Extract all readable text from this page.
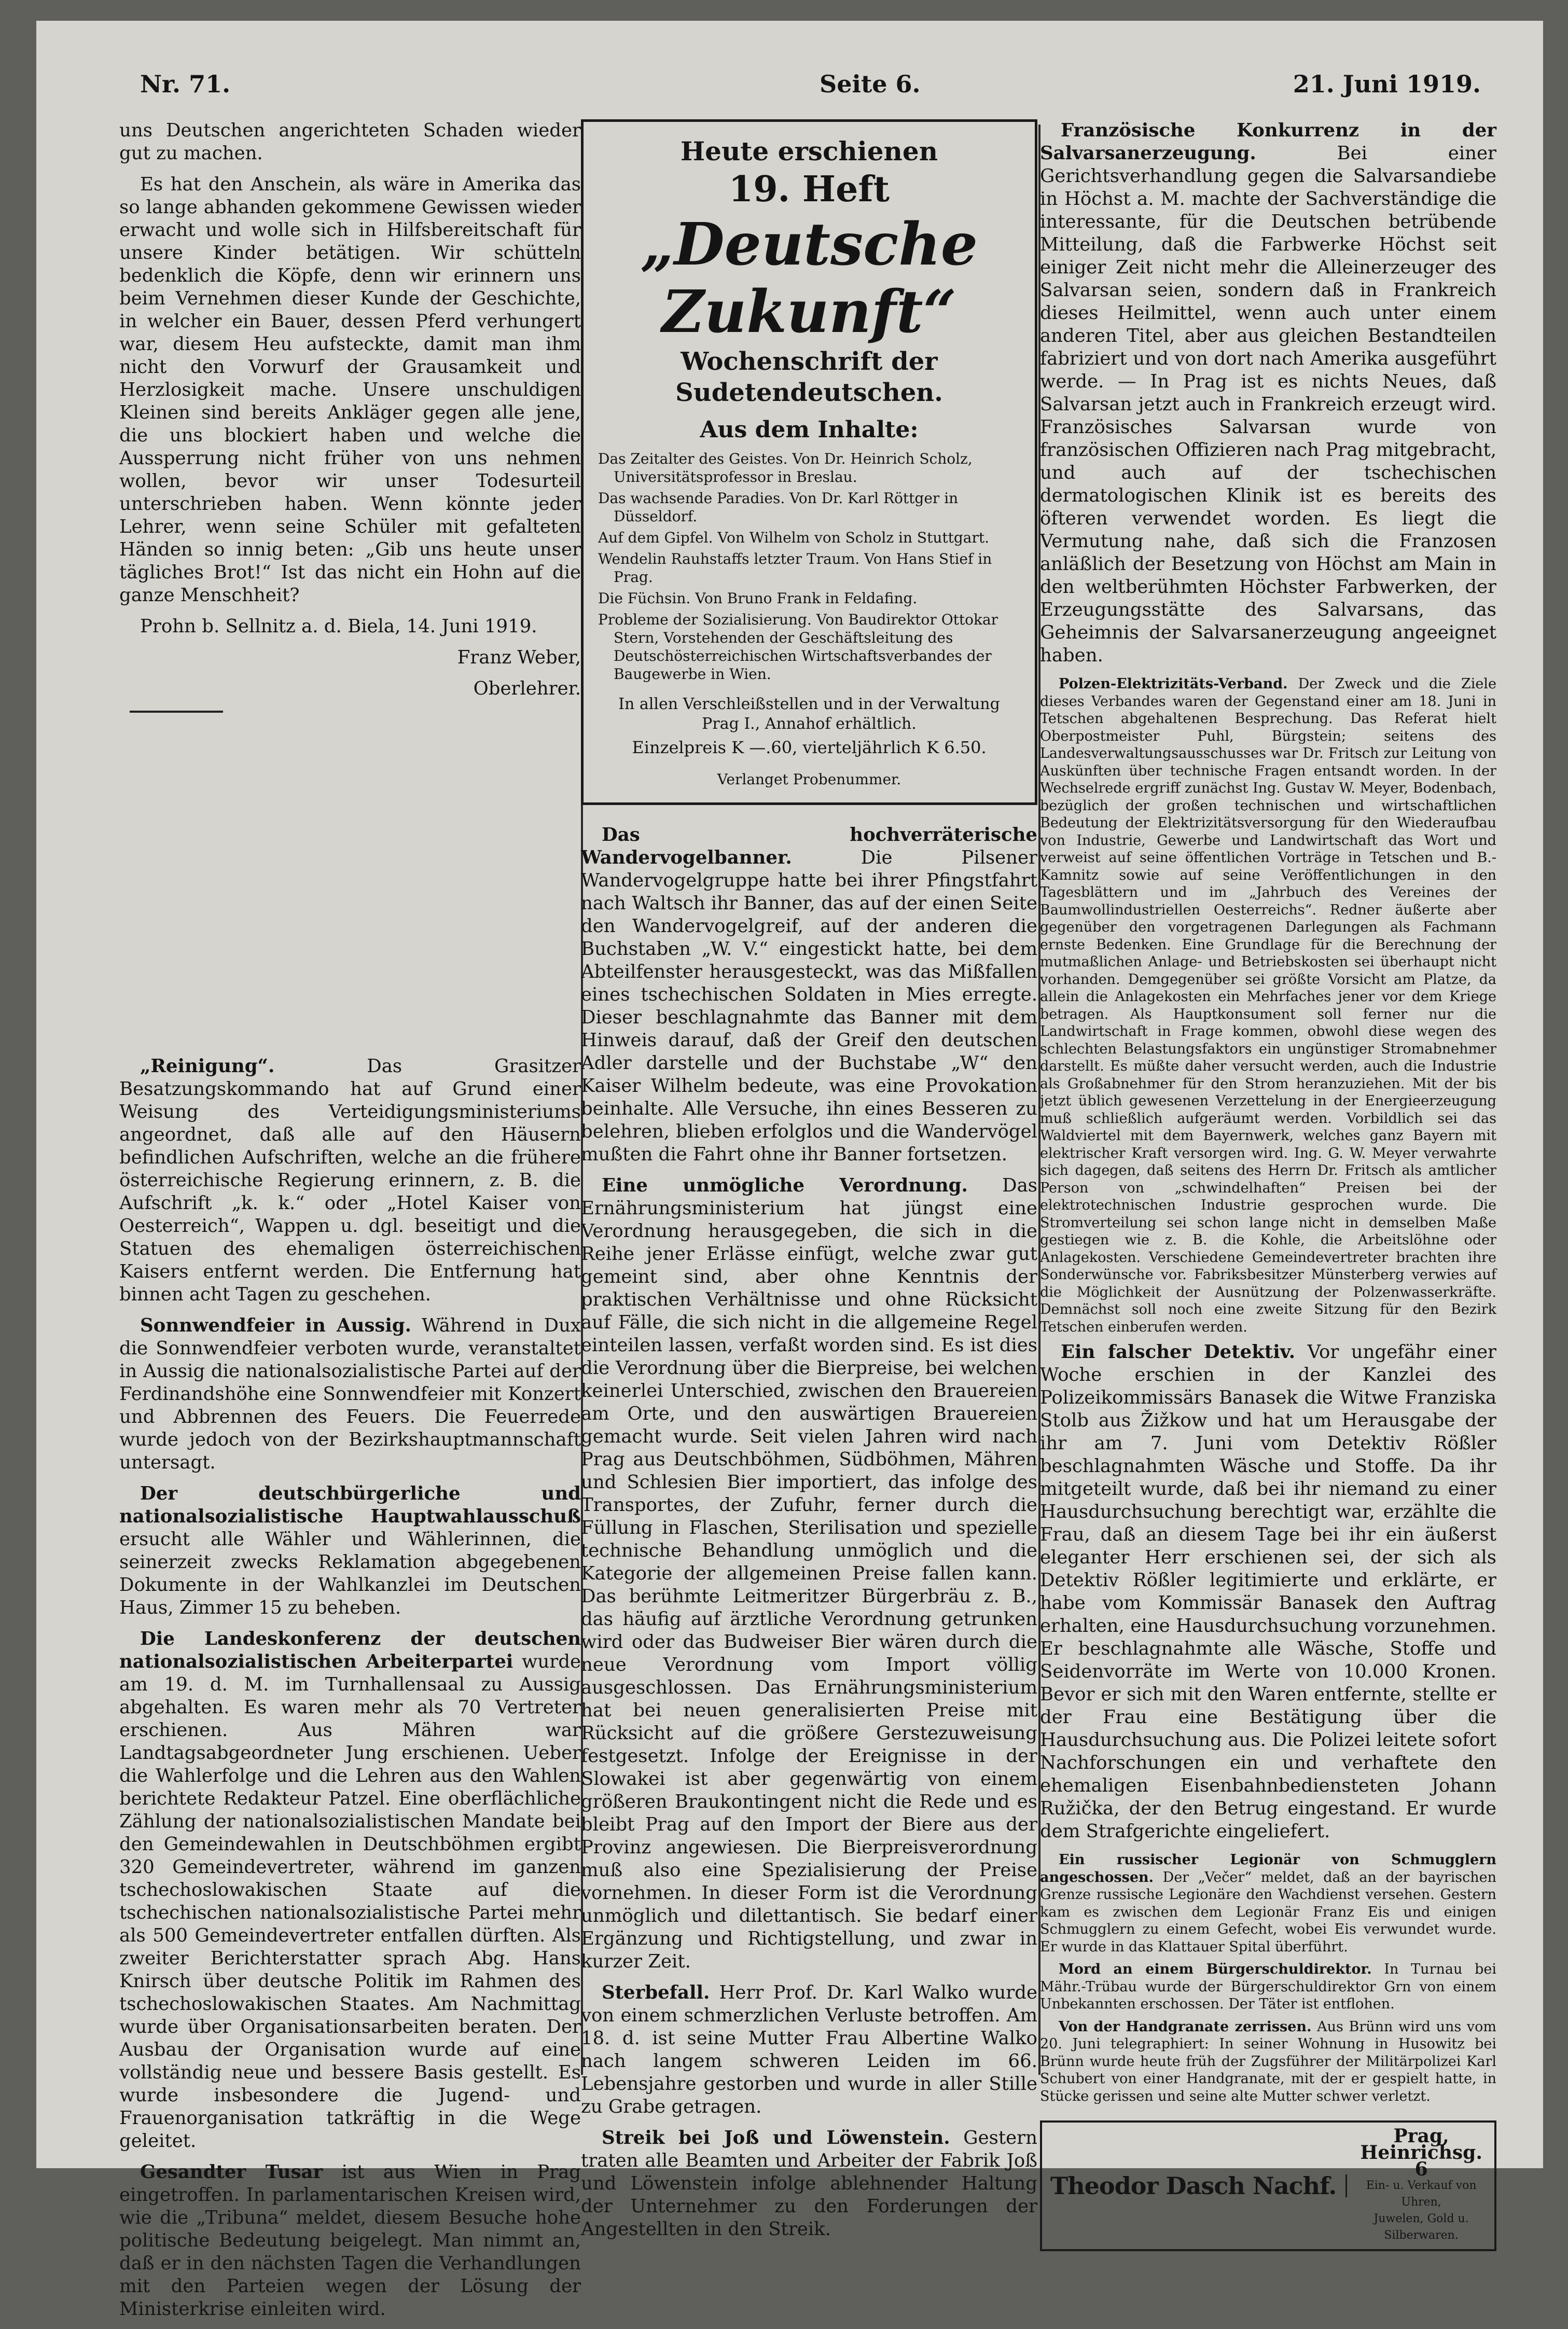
Nr. 71.	Seite 6.	21. Juni 1919.

uns Deutschen angerichteten Schaden wieder gut zu machen.

Es hat den Anschein, als wäre in Amerika das so lange abhanden gekommene Gewissen wieder erwacht und wolle sich in Hilfsbereitschaft für unsere Kinder betätigen. Wir schütteln bedenklich die Köpfe, denn wir erinnern uns beim Vernehmen dieser Kunde der Geschichte, in welcher ein Bauer, dessen Pferd verhungert war, diesem Heu aufsteckte, damit man ihm nicht den Vorwurf der Grausamkeit und Herzlosigkeit mache. Unsere unschuldigen Kleinen sind bereits Ankläger gegen alle jene, die uns blockiert haben und welche die Aussperrung nicht früher von uns nehmen wollen, bevor wir unser Todesurteil unterschrieben haben. Wenn könnte jeder Lehrer, wenn seine Schüler mit gefalteten Händen so innig beten: „Gib uns heute unser tägliches Brot!“ Ist das nicht ein Hohn auf die ganze Menschheit?

Prohn b. Sellnitz a. d. Biela, 14. Juni 1919.

Franz Weber,

Oberlehrer.

„Reinigung“. Das Grasitzer Besatzungskommando hat auf Grund einer Weisung des Verteidigungsministeriums angeordnet, daß alle auf den Häusern befindlichen Aufschriften, welche an die frühere österreichische Regierung erinnern, z. B. die Aufschrift „k. k.“ oder „Hotel Kaiser von Oesterreich“, Wappen u. dgl. beseitigt und die Statuen des ehemaligen österreichischen Kaisers entfernt werden. Die Entfernung hat binnen acht Tagen zu geschehen.

Sonnwendfeier in Aussig. Während in Dux die Sonnwendfeier verboten wurde, veranstaltet in Aussig die nationalsozialistische Partei auf der Ferdinandshöhe eine Sonnwendfeier mit Konzert und Abbrennen des Feuers. Die Feuerrede wurde jedoch von der Bezirkshauptmannschaft untersagt.

Der deutschbürgerliche und nationalsozialistische Hauptwahlausschuß ersucht alle Wähler und Wählerinnen, die seinerzeit zwecks Reklamation abgegebenen Dokumente in der Wahlkanzlei im Deutschen Haus, Zimmer 15 zu beheben.

Die Landeskonferenz der deutschen nationalsozialistischen Arbeiterpartei wurde am 19. d. M. im Turnhallensaal zu Aussig abgehalten. Es waren mehr als 70 Vertreter erschienen. Aus Mähren war Landtagsabgeordneter Jung erschienen. Ueber die Wahlerfolge und die Lehren aus den Wahlen berichtete Redakteur Patzel. Eine oberflächliche Zählung der nationalsozialistischen Mandate bei den Gemeindewahlen in Deutschböhmen ergibt 320 Gemeindevertreter, während im ganzen tschechoslowakischen Staate auf die tschechischen nationalsozialistische Partei mehr als 500 Gemeindevertreter entfallen dürften. Als zweiter Berichterstatter sprach Abg. Hans Knirsch über deutsche Politik im Rahmen des tschechoslowakischen Staates. Am Nachmittag wurde über Organisationsarbeiten beraten. Der Ausbau der Organisation wurde auf eine vollständig neue und bessere Basis gestellt. Es wurde insbesondere die Jugend- und Frauenorganisation tatkräftig in die Wege geleitet.

Gesandter Tusar ist aus Wien in Prag eingetroffen. In parlamentarischen Kreisen wird, wie die „Tribuna“ meldet, diesem Besuche hohe politische Bedeutung beigelegt. Man nimmt an, daß er in den nächsten Tagen die Verhandlungen mit den Parteien wegen der Lösung der Ministerkrise einleiten wird.

Heute erschienen
19. Heft
„Deutsche Zukunft“
Wochenschrift der Sudetendeutschen.
Aus dem Inhalte:

Das Zeitalter des Geistes. Von Dr. Heinrich Scholz, Universitätsprofessor in Breslau.

Das wachsende Paradies. Von Dr. Karl Röttger in Düsseldorf.

Auf dem Gipfel. Von Wilhelm von Scholz in Stuttgart.

Wendelin Rauhstaffs letzter Traum. Von Hans Stief in Prag.

Die Füchsin. Von Bruno Frank in Feldafing.

Probleme der Sozialisierung. Von Baudirektor Ottokar Stern, Vorstehenden der Geschäftsleitung des Deutschösterreichischen Wirtschaftsverbandes der Baugewerbe in Wien.

In allen Verschleißstellen und in der Verwaltung Prag I., Annahof erhältlich.
Einzelpreis K —.60, vierteljährlich K 6.50.
Verlanget Probenummer.

Das hochverräterische Wandervogelbanner. Die Pilsener Wandervogelgruppe hatte bei ihrer Pfingstfahrt nach Waltsch ihr Banner, das auf der einen Seite den Wandervogelgreif, auf der anderen die Buchstaben „W. V.“ eingestickt hatte, bei dem Abteilfenster herausgesteckt, was das Mißfallen eines tschechischen Soldaten in Mies erregte. Dieser beschlagnahmte das Banner mit dem Hinweis darauf, daß der Greif den deutschen Adler darstelle und der Buchstabe „W“ den Kaiser Wilhelm bedeute, was eine Provokation beinhalte. Alle Versuche, ihn eines Besseren zu belehren, blieben erfolglos und die Wandervögel mußten die Fahrt ohne ihr Banner fortsetzen.

Eine unmögliche Verordnung. Das Ernährungsministerium hat jüngst eine Verordnung herausgegeben, die sich in die Reihe jener Erlässe einfügt, welche zwar gut gemeint sind, aber ohne Kenntnis der praktischen Verhältnisse und ohne Rücksicht auf Fälle, die sich nicht in die allgemeine Regel einteilen lassen, verfaßt worden sind. Es ist dies die Verordnung über die Bierpreise, bei welchen keinerlei Unterschied, zwischen den Brauereien am Orte, und den auswärtigen Brauereien gemacht wurde. Seit vielen Jahren wird nach Prag aus Deutschböhmen, Südböhmen, Mähren und Schlesien Bier importiert, das infolge des Transportes, der Zufuhr, ferner durch die Füllung in Flaschen, Sterilisation und spezielle technische Behandlung unmöglich und die Kategorie der allgemeinen Preise fallen kann. Das berühmte Leitmeritzer Bürgerbräu z. B., das häufig auf ärztliche Verordnung getrunken wird oder das Budweiser Bier wären durch die neue Verordnung vom Import völlig ausgeschlossen. Das Ernährungsministerium hat bei neuen generalisierten Preise mit Rücksicht auf die größere Gerstezuweisung festgesetzt. Infolge der Ereignisse in der Slowakei ist aber gegenwärtig von einem größeren Braukontingent nicht die Rede und es bleibt Prag auf den Import der Biere aus der Provinz angewiesen. Die Bierpreisverordnung muß also eine Spezialisierung der Preise vornehmen. In dieser Form ist die Verordnung unmöglich und dilettantisch. Sie bedarf einer Ergänzung und Richtigstellung, und zwar in kurzer Zeit.

Sterbefall. Herr Prof. Dr. Karl Walko wurde von einem schmerzlichen Verluste betroffen. Am 18. d. ist seine Mutter Frau Albertine Walko nach langem schweren Leiden im 66. Lebensjahre gestorben und wurde in aller Stille zu Grabe getragen.

Streik bei Joß und Löwenstein. Gestern traten alle Beamten und Arbeiter der Fabrik Joß und Löwenstein infolge ablehnender Haltung der Unternehmer zu den Forderungen der Angestellten in den Streik.

Französische Konkurrenz in der Salvarsanerzeugung. Bei einer Gerichtsverhandlung gegen die Salvarsandiebe in Höchst a. M. machte der Sachverständige die interessante, für die Deutschen betrübende Mitteilung, daß die Farbwerke Höchst seit einiger Zeit nicht mehr die Alleinerzeuger des Salvarsan seien, sondern daß in Frankreich dieses Heilmittel, wenn auch unter einem anderen Titel, aber aus gleichen Bestandteilen fabriziert und von dort nach Amerika ausgeführt werde. — In Prag ist es nichts Neues, daß Salvarsan jetzt auch in Frankreich erzeugt wird. Französisches Salvarsan wurde von französischen Offizieren nach Prag mitgebracht, und auch auf der tschechischen dermatologischen Klinik ist es bereits des öfteren verwendet worden. Es liegt die Vermutung nahe, daß sich die Franzosen anläßlich der Besetzung von Höchst am Main in den weltberühmten Höchster Farbwerken, der Erzeugungsstätte des Salvarsans, das Geheimnis der Salvarsanerzeugung angeeignet haben.

Polzen-Elektrizitäts-Verband. Der Zweck und die Ziele dieses Verbandes waren der Gegenstand einer am 18. Juni in Tetschen abgehaltenen Besprechung. Das Referat hielt Oberpostmeister Puhl, Bürgstein; seitens des Landesverwaltungsausschusses war Dr. Fritsch zur Leitung von Auskünften über technische Fragen entsandt worden. In der Wechselrede ergriff zunächst Ing. Gustav W. Meyer, Bodenbach, bezüglich der großen technischen und wirtschaftlichen Bedeutung der Elektrizitätsversorgung für den Wiederaufbau von Industrie, Gewerbe und Landwirtschaft das Wort und verweist auf seine öffentlichen Vorträge in Tetschen und B.-Kamnitz sowie auf seine Veröffentlichungen in den Tagesblättern und im „Jahrbuch des Vereines der Baumwollindustriellen Oesterreichs“. Redner äußerte aber gegenüber den vorgetragenen Darlegungen als Fachmann ernste Bedenken. Eine Grundlage für die Berechnung der mutmaßlichen Anlage- und Betriebskosten sei überhaupt nicht vorhanden. Demgegenüber sei größte Vorsicht am Platze, da allein die Anlagekosten ein Mehrfaches jener vor dem Kriege betragen. Als Hauptkonsument soll ferner nur die Landwirtschaft in Frage kommen, obwohl diese wegen des schlechten Belastungsfaktors ein ungünstiger Stromabnehmer darstellt. Es müßte daher versucht werden, auch die Industrie als Großabnehmer für den Strom heranzuziehen. Mit der bis jetzt üblich gewesenen Verzettelung in der Energieerzeugung muß schließlich aufgeräumt werden. Vorbildlich sei das Waldviertel mit dem Bayernwerk, welches ganz Bayern mit elektrischer Kraft versorgen wird. Ing. G. W. Meyer verwahrte sich dagegen, daß seitens des Herrn Dr. Fritsch als amtlicher Person von „schwindelhaften“ Preisen bei der elektrotechnischen Industrie gesprochen wurde. Die Stromverteilung sei schon lange nicht in demselben Maße gestiegen wie z. B. die Kohle, die Arbeitslöhne oder Anlagekosten. Verschiedene Gemeindevertreter brachten ihre Sonderwünsche vor. Fabriksbesitzer Münsterberg verwies auf die Möglichkeit der Ausnützung der Polzenwasserkräfte. Demnächst soll noch eine zweite Sitzung für den Bezirk Tetschen einberufen werden.

Ein falscher Detektiv. Vor ungefähr einer Woche erschien in der Kanzlei des Polizeikommissärs Banasek die Witwe Franziska Stolb aus Žižkow und hat um Herausgabe der ihr am 7. Juni vom Detektiv Rößler beschlagnahmten Wäsche und Stoffe. Da ihr mitgeteilt wurde, daß bei ihr niemand zu einer Hausdurchsuchung berechtigt war, erzählte die Frau, daß an diesem Tage bei ihr ein äußerst eleganter Herr erschienen sei, der sich als Detektiv Rößler legitimierte und erklärte, er habe vom Kommissär Banasek den Auftrag erhalten, eine Hausdurchsuchung vorzunehmen. Er beschlagnahmte alle Wäsche, Stoffe und Seidenvorräte im Werte von 10.000 Kronen. Bevor er sich mit den Waren entfernte, stellte er der Frau eine Bestätigung über die Hausdurchsuchung aus. Die Polizei leitete sofort Nachforschungen ein und verhaftete den ehemaligen Eisenbahnbediensteten Johann Ružička, der den Betrug eingestand. Er wurde dem Strafgerichte eingeliefert.

Ein russischer Legionär von Schmugglern angeschossen. Der „Večer“ meldet, daß an der bayrischen Grenze russische Legionäre den Wachdienst versehen. Gestern kam es zwischen dem Legionär Franz Eis und einigen Schmugglern zu einem Gefecht, wobei Eis verwundet wurde. Er wurde in das Klattauer Spital überführt.

Mord an einem Bürgerschuldirektor. In Turnau bei Mähr.-Trübau wurde der Bürgerschuldirektor Grn von einem Unbekannten erschossen. Der Täter ist entflohen.

Von der Handgranate zerrissen. Aus Brünn wird uns vom 20. Juni telegraphiert: In seiner Wohnung in Husowitz bei Brünn wurde heute früh der Zugsführer der Militärpolizei Karl Schubert von einer Handgranate, mit der er gespielt hatte, in Stücke gerissen und seine alte Mutter schwer verletzt.

Theodor Dasch Nachf.
Prag, Heinrichsg. 6
Ein- u. Verkauf von Uhren,
Juwelen, Gold u. Silberwaren.
